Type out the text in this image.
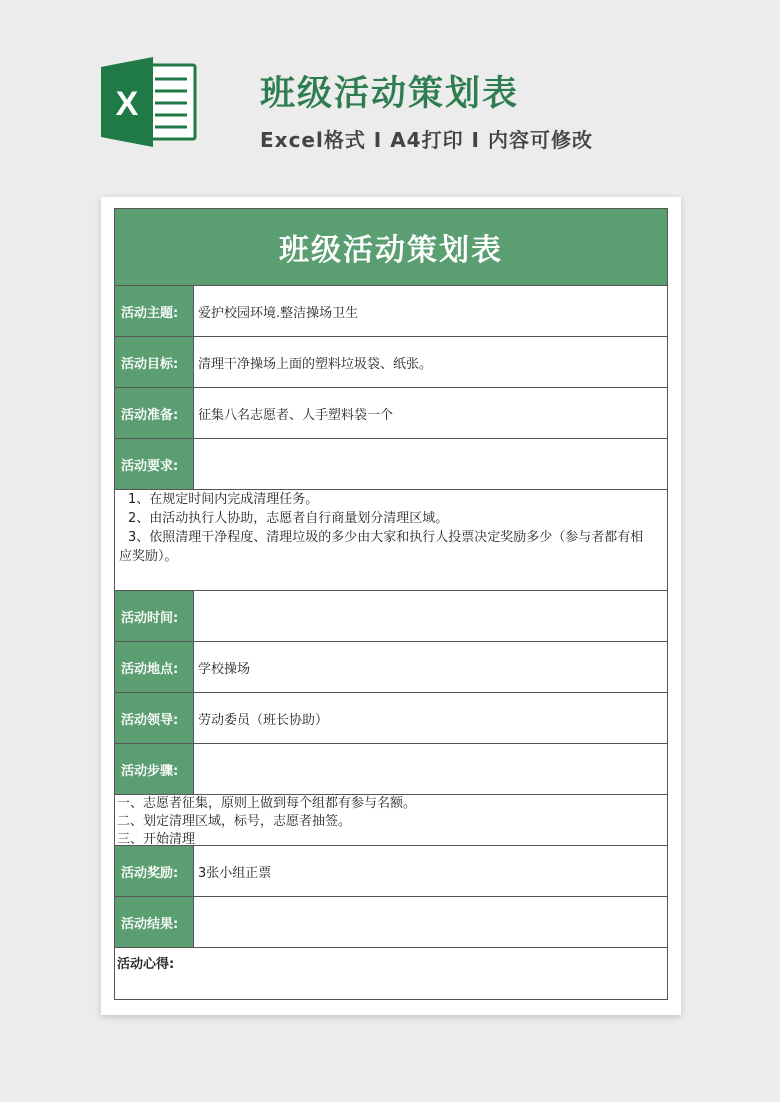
X	班级活动策划表
Excel格式 I A4打印 I 内容可修改
班级活动策划表
活动主题:	爱护校园环境.整洁操场卫生
活动目标:	清理干净操场上面的塑料垃圾袋、纸张。
活动准备:	征集八名志愿者、人手塑料袋一个
活动要求:
1、在规定时间内完成清理任务。
2、由活动执行人协助，志愿者自行商量划分清理区域。
3、依照清理干净程度、清理垃圾的多少由大家和执行人投票决定奖励多少（参与者都有相
应奖励）。
活动时间:
活动地点:	学校操场
活动领导:	劳动委员（班长协助）
活动步骤:
一、志愿者征集，原则上做到每个组都有参与名额。
二、划定清理区域，标号，志愿者抽签。
三、开始清理
活动奖励:	3张小组正票
活动结果:
活动心得:
